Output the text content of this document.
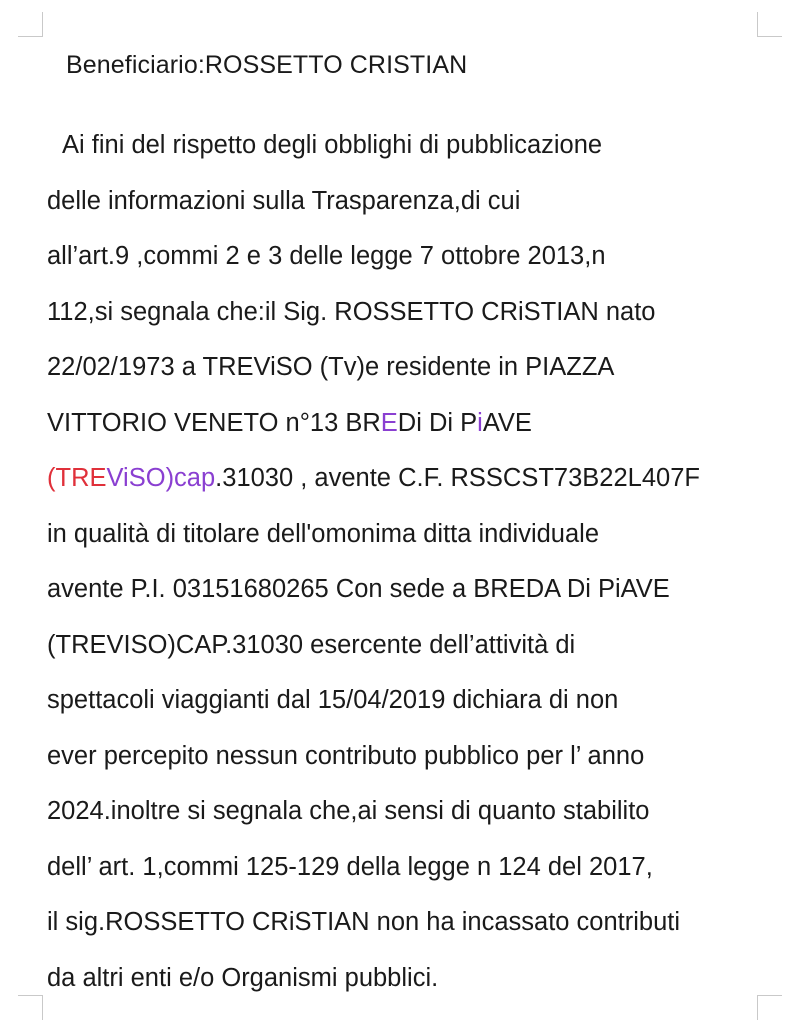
Beneficiario:ROSSETTO CRISTIAN
Ai fini del rispetto degli obblighi di pubblicazione
delle informazioni sulla Trasparenza,di cui
all’art.9 ,commi 2 e 3 delle legge 7 ottobre 2013,n
112,si segnala che:il Sig. ROSSETTO CRiSTIAN nato
22/02/1973 a TREViSO (Tv)e residente in PIAZZA
VITTORIO VENETO n°13 BREDi Di PiAVE
(TREViSO)cap.31030 , avente C.F. RSSCST73B22L407F
in qualità di titolare dell'omonima ditta individuale
avente P.I. 03151680265 Con sede a BREDA Di PiAVE
(TREVISO)CAP.31030 esercente dell’attività di
spettacoli viaggianti dal 15/04/2019 dichiara di non
ever percepito nessun contributo pubblico per l’ anno
2024.inoltre si segnala che,ai sensi di quanto stabilito
dell’ art. 1,commi 125-129 della legge n 124 del 2017,
il sig.ROSSETTO CRiSTIAN non ha incassato contributi
da altri enti e/o Organismi pubblici.
